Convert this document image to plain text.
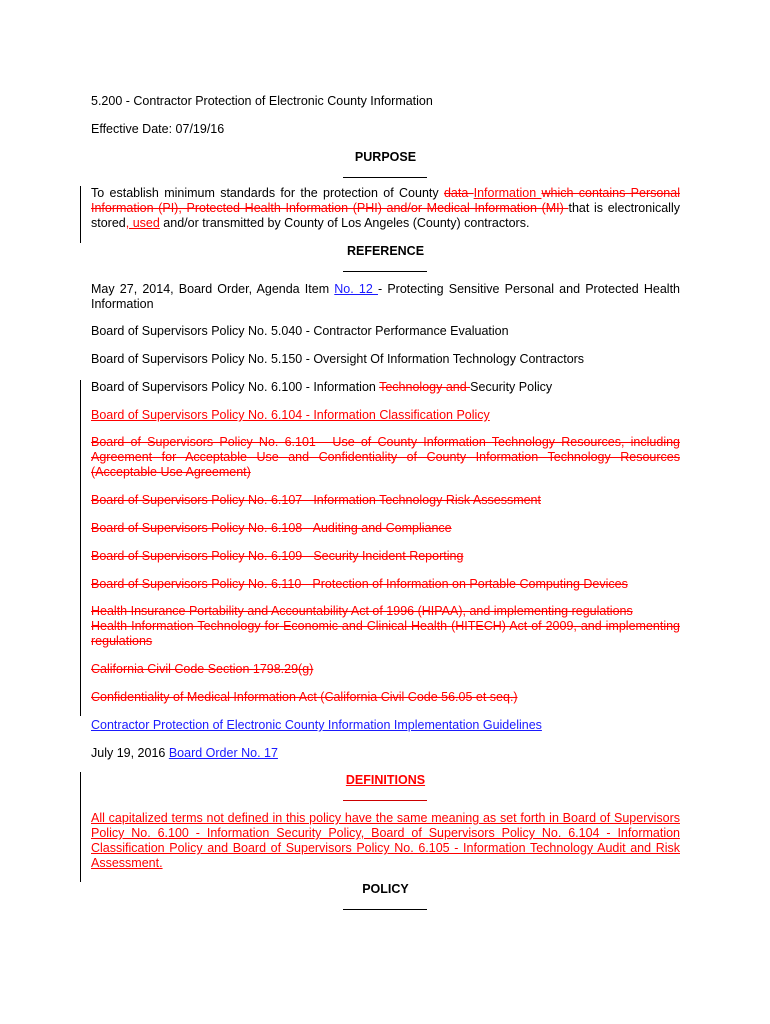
5.200 - Contractor Protection of Electronic County Information
Effective Date: 07/19/16
PURPOSE
To establish minimum standards for the protection of County data Information which contains Personal Information (PI), Protected Health Information (PHI) and/or Medical Information (MI) that is electronically stored, used and/or transmitted by County of Los Angeles (County) contractors.
REFERENCE
May 27, 2014, Board Order, Agenda Item No. 12 - Protecting Sensitive Personal and Protected Health Information
Board of Supervisors Policy No. 5.040 - Contractor Performance Evaluation
Board of Supervisors Policy No. 5.150 - Oversight Of Information Technology Contractors
Board of Supervisors Policy No. 6.100 - Information Technology and Security Policy
Board of Supervisors Policy No. 6.104 - Information Classification Policy
Board of Supervisors Policy No. 6.101 - Use of County Information Technology Resources, including Agreement for Acceptable Use and Confidentiality of County Information Technology Resources (Acceptable Use Agreement)
Board of Supervisors Policy No. 6.107 - Information Technology Risk Assessment
Board of Supervisors Policy No. 6.108 - Auditing and Compliance
Board of Supervisors Policy No. 6.109 - Security Incident Reporting
Board of Supervisors Policy No. 6.110 - Protection of Information on Portable Computing Devices
Health Insurance Portability and Accountability Act of 1996 (HIPAA), and implementing regulations
Health Information Technology for Economic and Clinical Health (HITECH) Act of 2009, and implementing regulations
California Civil Code Section 1798.29(g)
Confidentiality of Medical Information Act (California Civil Code 56.05 et seq.)
Contractor Protection of Electronic County Information Implementation Guidelines
July 19, 2016 Board Order No. 17
DEFINITIONS
All capitalized terms not defined in this policy have the same meaning as set forth in Board of Supervisors Policy No. 6.100 - Information Security Policy, Board of Supervisors Policy No. 6.104 - Information Classification Policy and Board of Supervisors Policy No. 6.105 - Information Technology Audit and Risk Assessment.
POLICY
